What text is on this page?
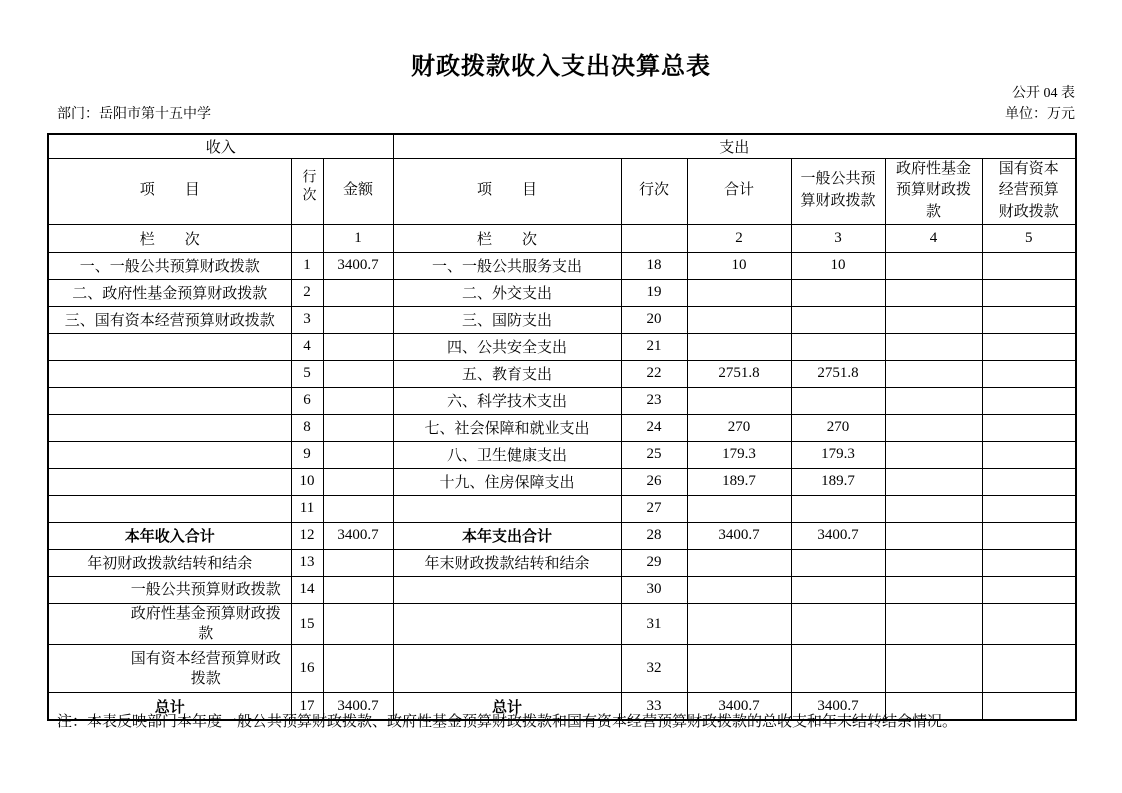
财政拨款收入支出决算总表
公开 04 表
部门：岳阳市第十五中学	单位：万元
收入			支出					
项　　目	行次	金额	项　　目	行次	合计	一般公共预算财政拨款	政府性基金预算财政拨款	国有资本经营预算财政拨款
栏　　次		1	栏　　次		2	3	4	5
一、一般公共预算财政拨款	1	3400.7	一、一般公共服务支出	18	10	10		
二、政府性基金预算财政拨款	2		二、外交支出	19				
三、国有资本经营预算财政拨款	3		三、国防支出	20				
	4		四、公共安全支出	21				
	5		五、教育支出	22	2751.8	2751.8		
	6		六、科学技术支出	23				
	8		七、社会保障和就业支出	24	270	270		
	9		八、卫生健康支出	25	179.3	179.3		
	10		十九、住房保障支出	26	189.7	189.7		
	11			27				
本年收入合计	12	3400.7	本年支出合计	28	3400.7	3400.7		
年初财政拨款结转和结余	13		年末财政拨款结转和结余	29				
一般公共预算财政拨款	14			30				
政府性基金预算财政拨款	15			31				
国有资本经营预算财政拨款	16			32				
总计	17	3400.7	总计	33	3400.7	3400.7		
注：本表反映部门本年度一般公共预算财政拨款、政府性基金预算财政拨款和国有资本经营预算财政拨款的总收支和年末结转结余情况。
